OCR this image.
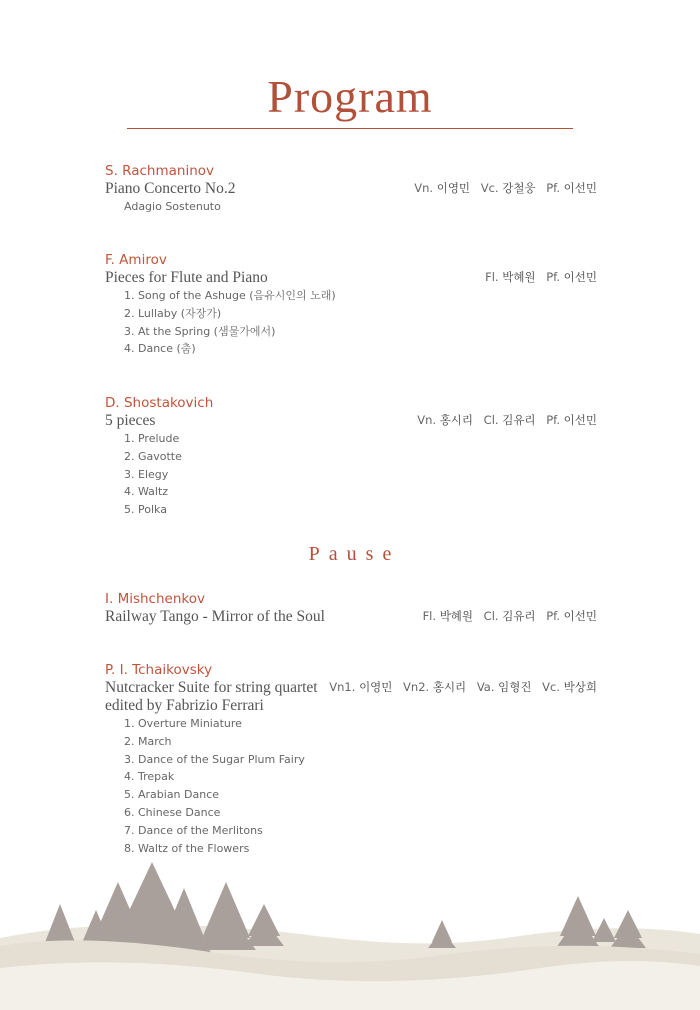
Program
S. Rachmaninov
Piano Concerto No.2
Adagio Sostenuto
Vn. 이영민 Vc. 강철웅 Pf. 이선민
F. Amirov
Pieces for Flute and Piano
1. Song of the Ashuge (음유시인의 노래)
2. Lullaby (자장가)
3. At the Spring (샘물가에서)
4. Dance (춤)
Fl. 박혜원 Pf. 이선민
D. Shostakovich
5 pieces
1. Prelude
2. Gavotte
3. Elegy
4. Waltz
5. Polka
Vn. 홍시리 Cl. 김유리 Pf. 이선민
Pause
I. Mishchenkov
Railway Tango - Mirror of the Soul	Fl. 박혜원 Cl. 김유리 Pf. 이선민
P. I. Tchaikovsky
Nutcracker Suite for string quartet edited by Fabrizio Ferrari
1. Overture Miniature
2. March
3. Dance of the Sugar Plum Fairy
4. Trepak
5. Arabian Dance
6. Chinese Dance
7. Dance of the Merlitons
8. Waltz of the Flowers
Vn1. 이영민 Vn2. 홍시리 Va. 임형진 Vc. 박상희
